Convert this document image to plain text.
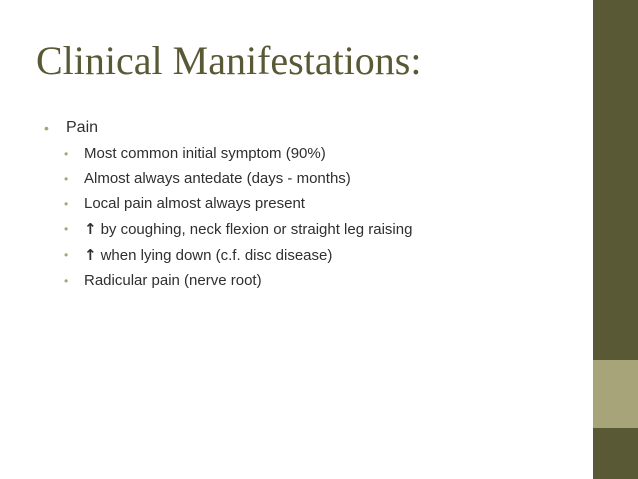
Clinical Manifestations:
• Pain
• Most common initial symptom (90%)
• Almost always antedate (days - months)
• Local pain almost always present
• ↑ by coughing, neck flexion or straight leg raising
• ↑ when lying down (c.f. disc disease)
• Radicular pain (nerve root)
